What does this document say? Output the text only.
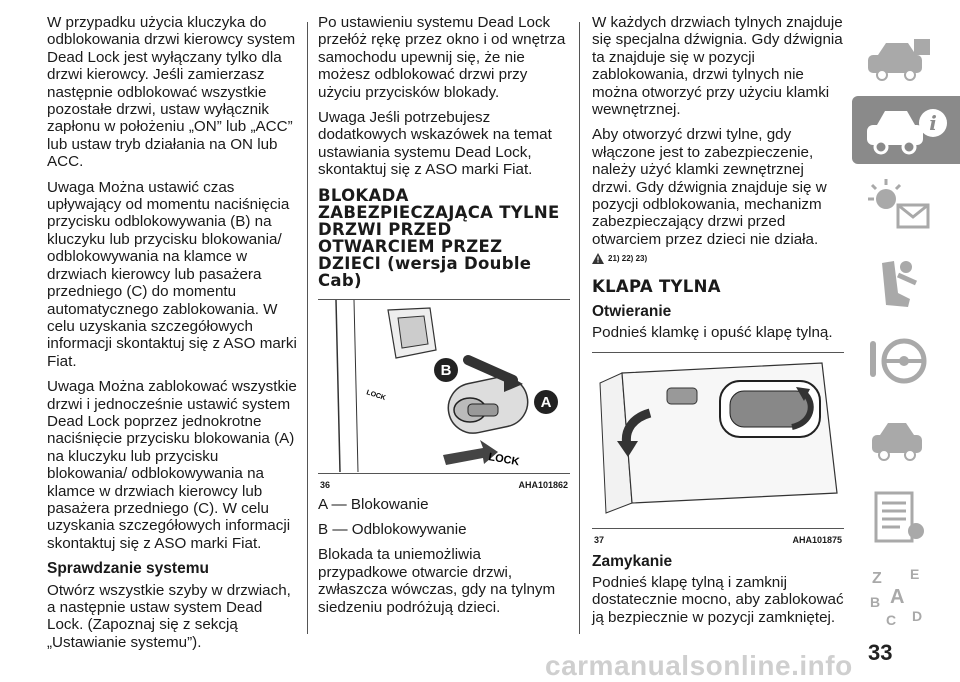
W przypadku użycia kluczyka do odblokowania drzwi kierowcy system Dead Lock jest wyłączany tylko dla drzwi kierowcy. Jeśli zamierzasz następnie odblokować wszystkie pozostałe drzwi, ustaw wyłącznik zapłonu w położeniu „ON” lub „ACC” lub ustaw tryb działania na ON lub ACC.

Uwaga Można ustawić czas upływający od momentu naciśnięcia przycisku odblokowywania (B) na kluczyku lub przycisku blokowania/ odblokowywania na klamce w drzwiach kierowcy lub pasażera przedniego (C) do momentu automatycznego zablokowania. W celu uzyskania szczegółowych informacji skontaktuj się z ASO marki Fiat.

Uwaga Można zablokować wszystkie drzwi i jednocześnie ustawić system Dead Lock poprzez jednokrotne naciśnięcie przycisku blokowania (A) na kluczyku lub przycisku blokowania/ odblokowywania na klamce w drzwiach kierowcy lub pasażera przedniego (C). W celu uzyskania szczegółowych informacji skontaktuj się z ASO marki Fiat.

Sprawdzanie systemu

Otwórz wszystkie szyby w drzwiach, a następnie ustaw system Dead Lock. (Zapoznaj się z sekcją „Ustawianie systemu”).

Po ustawieniu systemu Dead Lock przełóż rękę przez okno i od wnętrza samochodu upewnij się, że nie możesz odblokować drzwi przy użyciu przycisków blokady.

Uwaga Jeśli potrzebujesz dodatkowych wskazówek na temat ustawiania systemu Dead Lock, skontaktuj się z ASO marki Fiat.

BLOKADA ZABEZPIECZAJĄCA TYLNE DRZWI PRZED OTWARCIEM PRZEZ DZIECI (wersja Double Cab)
LOCK
LOCK
B
A
36	AHA101862

A — Blokowanie

B — Odblokowywanie

Blokada ta uniemożliwia przypadkowe otwarcie drzwi, zwłaszcza wówczas, gdy na tylnym siedzeniu podróżują dzieci.

W każdych drzwiach tylnych znajduje się specjalna dźwignia. Gdy dźwignia ta znajduje się w pozycji zablokowania, drzwi tylnych nie można otworzyć przy użyciu klamki wewnętrznej.

Aby otworzyć drzwi tylne, gdy włączone jest to zabezpieczenie, należy użyć klamki zewnętrznej drzwi. Gdy dźwignia znajduje się w pozycji odblokowania, mechanizm zabezpieczający drzwi przed otwarciem przez dzieci nie działa.

21) 22) 23)
KLAPA TYLNA
Otwieranie

Podnieś klamkę i opuść klapę tylną.

37	AHA101875
Zamykanie

Podnieś klapę tylną i zamknij dostatecznie mocno, aby zablokować ją bezpiecznie w pozycji zamkniętej.

i
Z E
B A
C D
33
carmanualsonline.info
